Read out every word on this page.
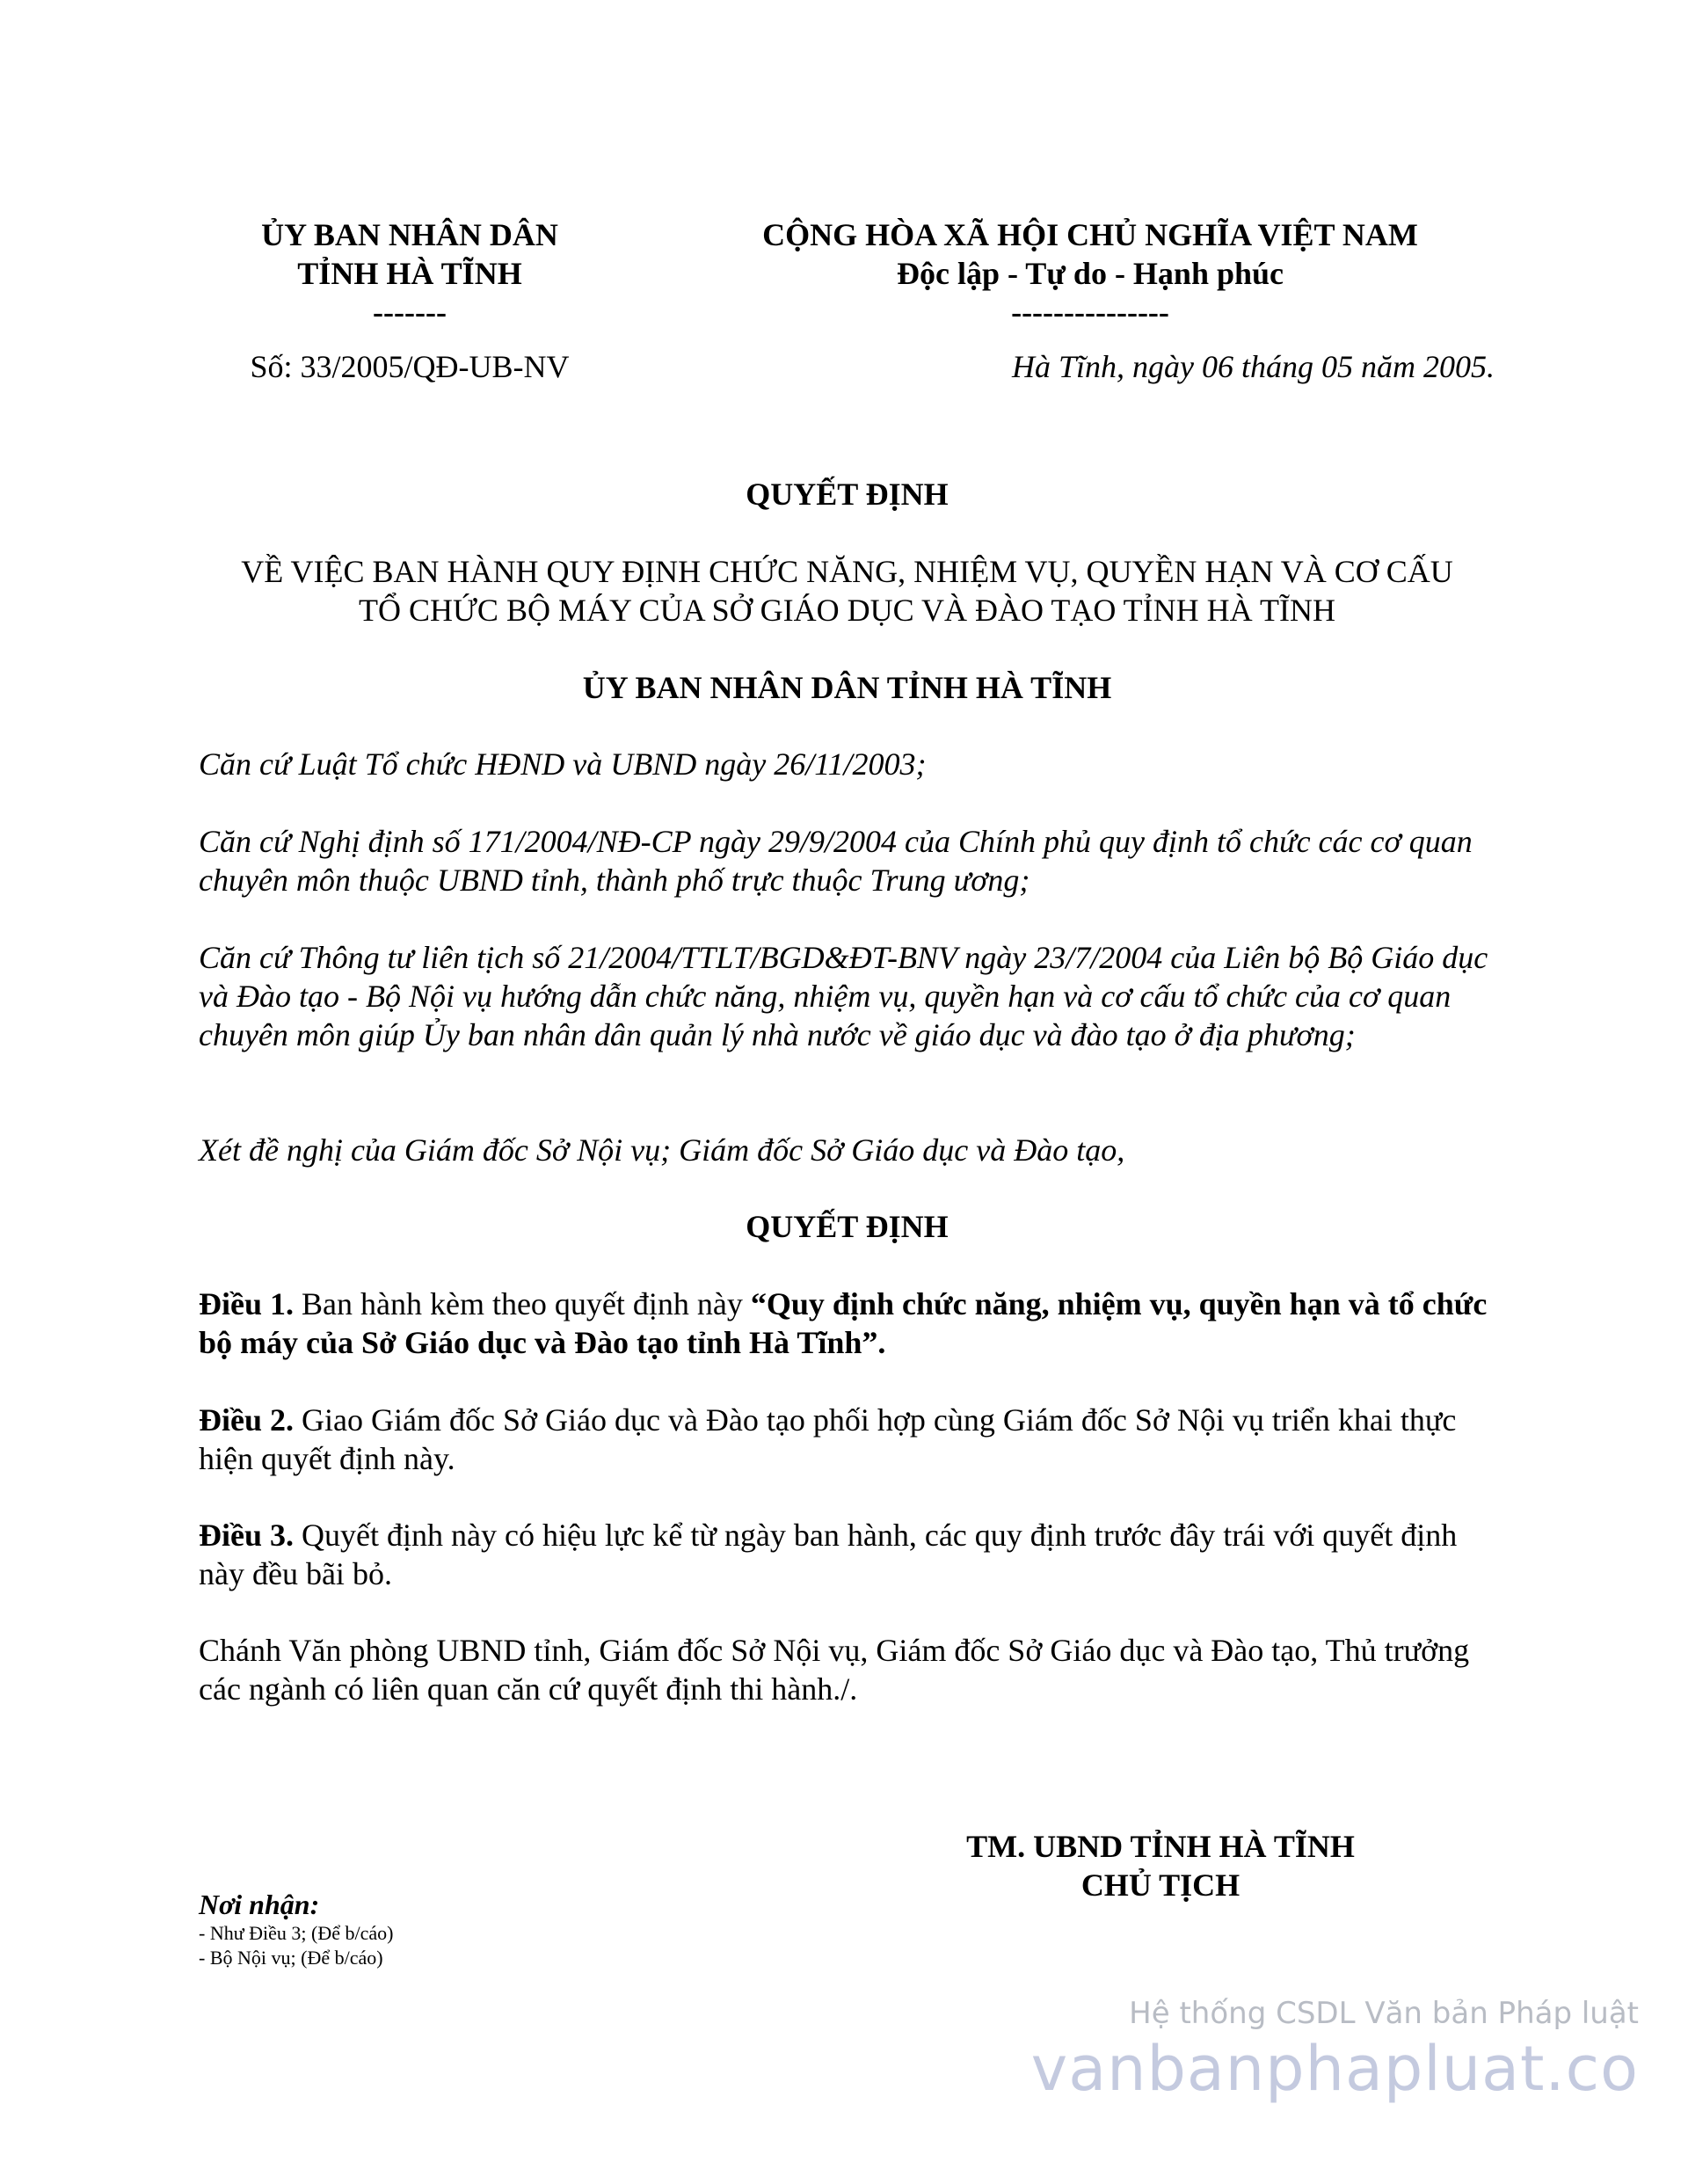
ỦY BAN NHÂN DÂN
TỈNH HÀ TĨNH
-------
CỘNG HÒA XÃ HỘI CHỦ NGHĨA VIỆT NAM
Độc lập - Tự do - Hạnh phúc
---------------
Số: 33/2005/QĐ-UB-NV	Hà Tĩnh, ngày 06 tháng 05 năm 2005.
QUYẾT ĐỊNH
VỀ VIỆC BAN HÀNH QUY ĐỊNH CHỨC NĂNG, NHIỆM VỤ, QUYỀN HẠN VÀ CƠ CẤU
TỔ CHỨC BỘ MÁY CỦA SỞ GIÁO DỤC VÀ ĐÀO TẠO TỈNH HÀ TĨNH
ỦY BAN NHÂN DÂN TỈNH HÀ TĨNH
Căn cứ Luật Tổ chức HĐND và UBND ngày 26/11/2003;
Căn cứ Nghị định số 171/2004/NĐ-CP ngày 29/9/2004 của Chính phủ quy định tổ chức các cơ quan chuyên môn thuộc UBND tỉnh, thành phố trực thuộc Trung ương;
Căn cứ Thông tư liên tịch số 21/2004/TTLT/BGD&ĐT-BNV ngày 23/7/2004 của Liên bộ Bộ Giáo dục và Đào tạo - Bộ Nội vụ hướng dẫn chức năng, nhiệm vụ, quyền hạn và cơ cấu tổ chức của cơ quan chuyên môn giúp Ủy ban nhân dân quản lý nhà nước về giáo dục và đào tạo ở địa phương;
Xét đề nghị của Giám đốc Sở Nội vụ; Giám đốc Sở Giáo dục và Đào tạo,
QUYẾT ĐỊNH
Điều 1. Ban hành kèm theo quyết định này “Quy định chức năng, nhiệm vụ, quyền hạn và tổ chức bộ máy của Sở Giáo dục và Đào tạo tỉnh Hà Tĩnh”.
Điều 2. Giao Giám đốc Sở Giáo dục và Đào tạo phối hợp cùng Giám đốc Sở Nội vụ triển khai thực hiện quyết định này.
Điều 3. Quyết định này có hiệu lực kể từ ngày ban hành, các quy định trước đây trái với quyết định này đều bãi bỏ.
Chánh Văn phòng UBND tỉnh, Giám đốc Sở Nội vụ, Giám đốc Sở Giáo dục và Đào tạo, Thủ trưởng các ngành có liên quan căn cứ quyết định thi hành./.
TM. UBND TỈNH HÀ TĨNH
CHỦ TỊCH
Nơi nhận:
- Như Điều 3; (Để b/cáo)
- Bộ Nội vụ; (Để b/cáo)
Hệ thống CSDL Văn bản Pháp luật
vanbanphapluat.co
